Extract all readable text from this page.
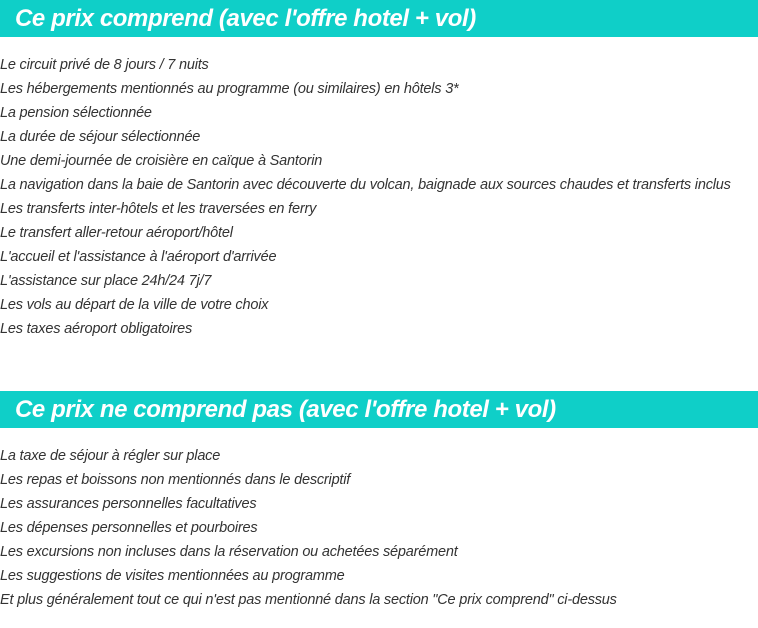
Ce prix comprend (avec l'offre hotel + vol)
Le circuit privé de 8 jours / 7 nuits
Les hébergements mentionnés au programme (ou similaires) en hôtels 3*
La pension sélectionnée
La durée de séjour sélectionnée
Une demi-journée de croisière en caïque à Santorin
La navigation dans la baie de Santorin avec découverte du volcan, baignade aux sources chaudes et transferts inclus
Les transferts inter-hôtels et les traversées en ferry
Le transfert aller-retour aéroport/hôtel
L'accueil et l'assistance à l'aéroport d'arrivée
L'assistance sur place 24h/24 7j/7
Les vols au départ de la ville de votre choix
Les taxes aéroport obligatoires
Ce prix ne comprend pas (avec l'offre hotel + vol)
La taxe de séjour à régler sur place
Les repas et boissons non mentionnés dans le descriptif
Les assurances personnelles facultatives
Les dépenses personnelles et pourboires
Les excursions non incluses dans la réservation ou achetées séparément
Les suggestions de visites mentionnées au programme
Et plus généralement tout ce qui n'est pas mentionné dans la section "Ce prix comprend" ci-dessus
